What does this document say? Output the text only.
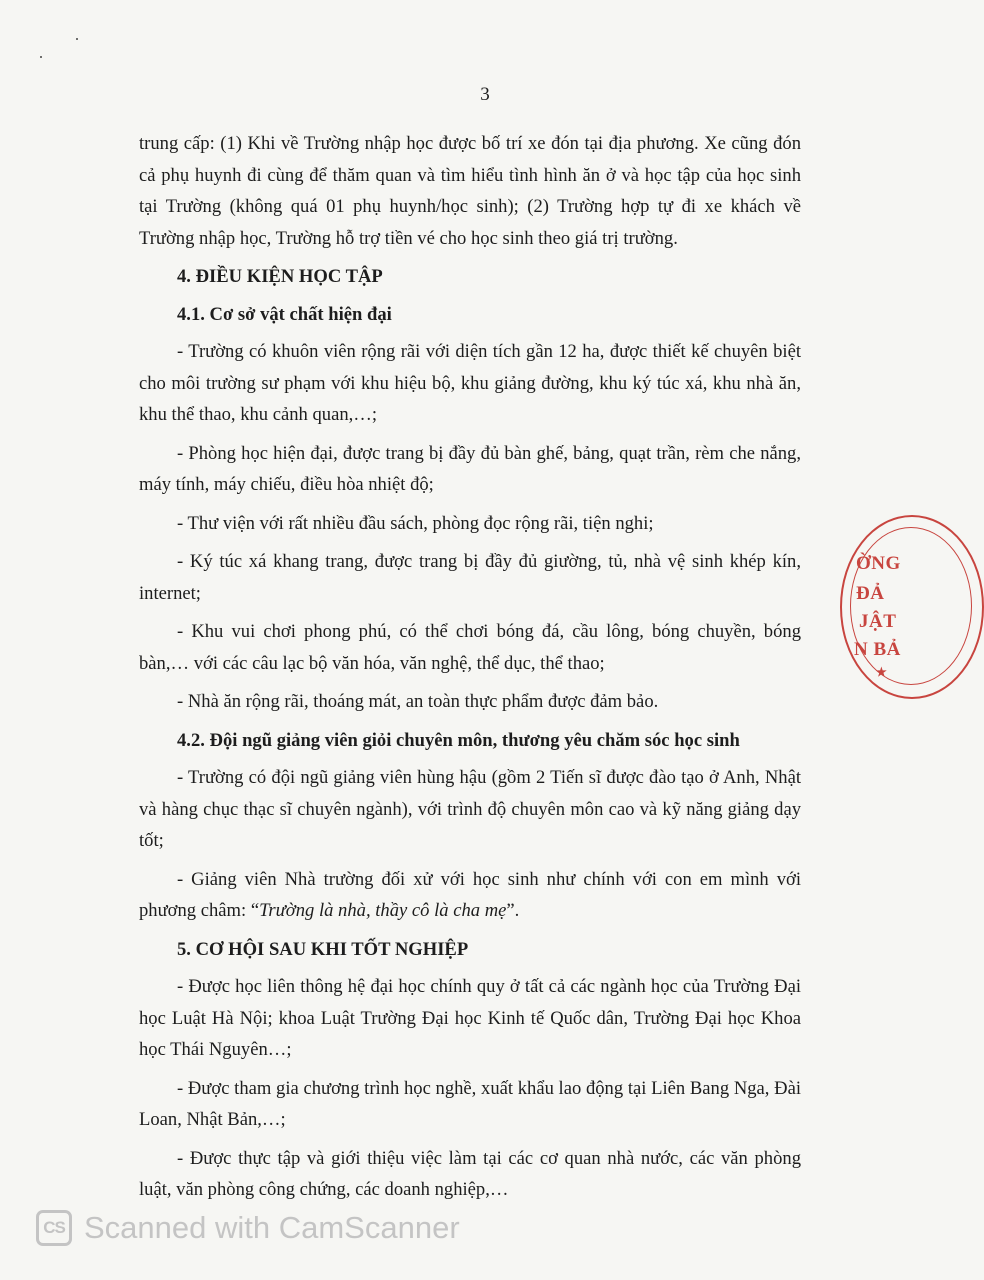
3

trung cấp: (1) Khi về Trường nhập học được bố trí xe đón tại địa phương. Xe cũng đón cả phụ huynh đi cùng để thăm quan và tìm hiểu tình hình ăn ở và học tập của học sinh tại Trường (không quá 01 phụ huynh/học sinh); (2) Trường hợp tự đi xe khách về Trường nhập học, Trường hỗ trợ tiền vé cho học sinh theo giá trị trường.

4. ĐIỀU KIỆN HỌC TẬP
4.1. Cơ sở vật chất hiện đại

- Trường có khuôn viên rộng rãi với diện tích gần 12 ha, được thiết kế chuyên biệt cho môi trường sư phạm với khu hiệu bộ, khu giảng đường, khu ký túc xá, khu nhà ăn, khu thể thao, khu cảnh quan,…;

- Phòng học hiện đại, được trang bị đầy đủ bàn ghế, bảng, quạt trần, rèm che nắng, máy tính, máy chiếu, điều hòa nhiệt độ;

- Thư viện với rất nhiều đầu sách, phòng đọc rộng rãi, tiện nghi;

- Ký túc xá khang trang, được trang bị đầy đủ giường, tủ, nhà vệ sinh khép kín, internet;

- Khu vui chơi phong phú, có thể chơi bóng đá, cầu lông, bóng chuyền, bóng bàn,… với các câu lạc bộ văn hóa, văn nghệ, thể dục, thể thao;

- Nhà ăn rộng rãi, thoáng mát, an toàn thực phẩm được đảm bảo.

4.2. Đội ngũ giảng viên giỏi chuyên môn, thương yêu chăm sóc học sinh

- Trường có đội ngũ giảng viên hùng hậu (gồm 2 Tiến sĩ được đào tạo ở Anh, Nhật và hàng chục thạc sĩ chuyên ngành), với trình độ chuyên môn cao và kỹ năng giảng dạy tốt;

- Giảng viên Nhà trường đối xử với học sinh như chính với con em mình với phương châm: “Trường là nhà, thầy cô là cha mẹ”.

5. CƠ HỘI SAU KHI TỐT NGHIỆP

- Được học liên thông hệ đại học chính quy ở tất cả các ngành học của Trường Đại học Luật Hà Nội; khoa Luật Trường Đại học Kinh tế Quốc dân, Trường Đại học Khoa học Thái Nguyên…;

- Được tham gia chương trình học nghề, xuất khẩu lao động tại Liên Bang Nga, Đài Loan, Nhật Bản,…;

- Được thực tập và giới thiệu việc làm tại các cơ quan nhà nước, các văn phòng luật, văn phòng công chứng, các doanh nghiệp,…

ỜNG
ĐẢ
JẬT
N BẢ
★
CS Scanned with CamScanner
